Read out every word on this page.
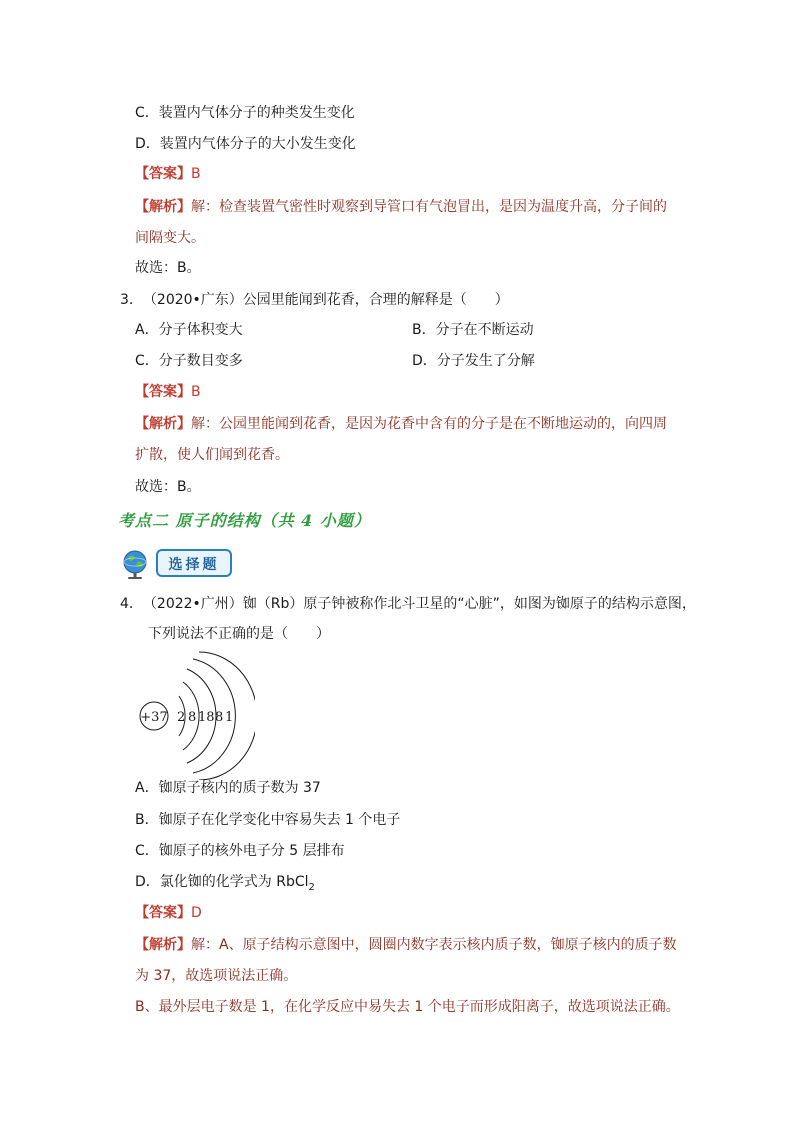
C．装置内气体分子的种类发生变化
D．装置内气体分子的大小发生变化
【答案】B
【解析】解：检查装置气密性时观察到导管口有气泡冒出，是因为温度升高，分子间的
间隔变大。
故选：B。
3．　（2020•广东）公园里能闻到花香，合理的解释是（　　）
A．分子体积变大	B．分子在不断运动
C．分子数目变多	D．分子发生了分解
【答案】B
【解析】解：公园里能闻到花香，是因为花香中含有的分子是在不断地运动的，向四周
扩散，使人们闻到花香。
故选：B。
考点二 原子的结构（共 4 小题）
选择题
4．　（2022•广州）铷（Rb）原子钟被称作北斗卫星的“心脏”，如图为铷原子的结构示意图，
下列说法不正确的是（　　）
+37 2 8 18 8 1
A．铷原子核内的质子数为 37
B．铷原子在化学变化中容易失去 1 个电子
C．铷原子的核外电子分 5 层排布
D．氯化铷的化学式为 RbCl$_2$
【答案】D
【解析】解：A、原子结构示意图中，圆圈内数字表示核内质子数，铷原子核内的质子数
为 37，故选项说法正确。
B、最外层电子数是 1，在化学反应中易失去 1 个电子而形成阳离子，故选项说法正确。
